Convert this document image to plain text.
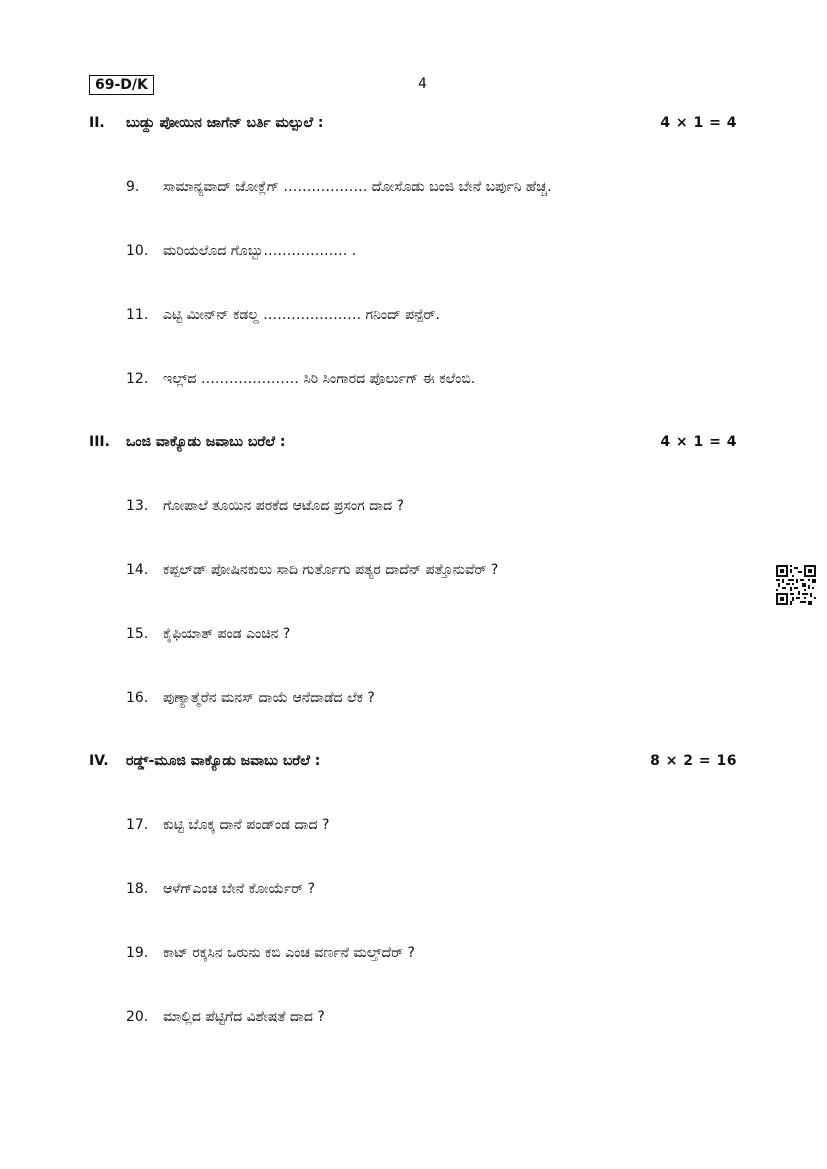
69-D/K	4
II. ಬುಡ್ದು ಪೋಯಿನ ಜಾಗೆನ್ ಬರ್ತಿ ಮಲ್ಪುಲೆ :	4 × 1 = 4
9. ಸಾಮಾನ್ಯವಾದ್ ಜೋಕ್ಲೆಗ್ ……………… ದೋಸೊಡು ಬಂಜಿ ಬೇನೆ ಬರ್ಪುನಿ ಹೆಚ್ಚ.
10. ಮರಿಯಲೊದ ಗೊಬ್ಬು……………… .
11. ಎಟ್ಟಿ ಮೀನ್‌ನ್ ಕಡಲ್ದ ………………… ಗನಿಂದ್ ಪನ್ಪೆರ್.
12. ಇಲ್ಲ್‌ದ ………………… ಸಿರಿ ಸಿಂಗಾರದ ಪೊರ್ಲುಗ್ ಈ ಕಲೆಂಬಿ.
III. ಒಂಜಿ ವಾಕ್ಯೊಡು ಜವಾಬು ಬರೆಲೆ :	4 × 1 = 4
13. ಗೋಪಾಲೆ ತೂಯಿನ ಪರಕೆದ ಆಟೊದ ಪ್ರಸಂಗ ದಾದ ?
14. ಕಪ್ಪಲ್‌ಡ್ ಪೋಷಿನಕುಲು ಸಾದಿ ಗುರ್ತೊಗು ಪತ್ಯರ ದಾದೆನ್ ಪತ್ತೊನುವೆರ್ ?
15. ಕೈಫಿಯಾತ್ ಪಂಡ ಎಂಚಿನ ?
16. ಪುಣ್ಯಾತ್ಮೆರೆನ ಮನಸ್ ದಾಯೆ ಆನೆದಾಡೆದ ಲೆಕ ?
IV. ರಡ್ಡ್-ಮೂಜಿ ವಾಕ್ಯೊಡು ಜವಾಬು ಬರೆಲೆ :	8 × 2 = 16
17. ಕುಟ್ಟಿ ಬೊಕ್ಕ ದಾನೆ ಪಂಡ್‌ಂಡ ದಾದ ?
18. ಆಳೆಗ್‌ಎಂಚ ಬೇನೆ ಕೋರ್ಯೆರ್ ?
19. ಕಾಟ್ ರಕ್ಕಸಿನ ಒರುನು ಕಬಿ ಎಂಚ ವರ್ಣನೆ ಮಲ್ತ್‌ದೆರ್ ?
20. ಮಾಲ್ಲಿದ ಪೆಟ್ಟಿಗೆದ ವಿಶೇಷತೆ ದಾದ ?
